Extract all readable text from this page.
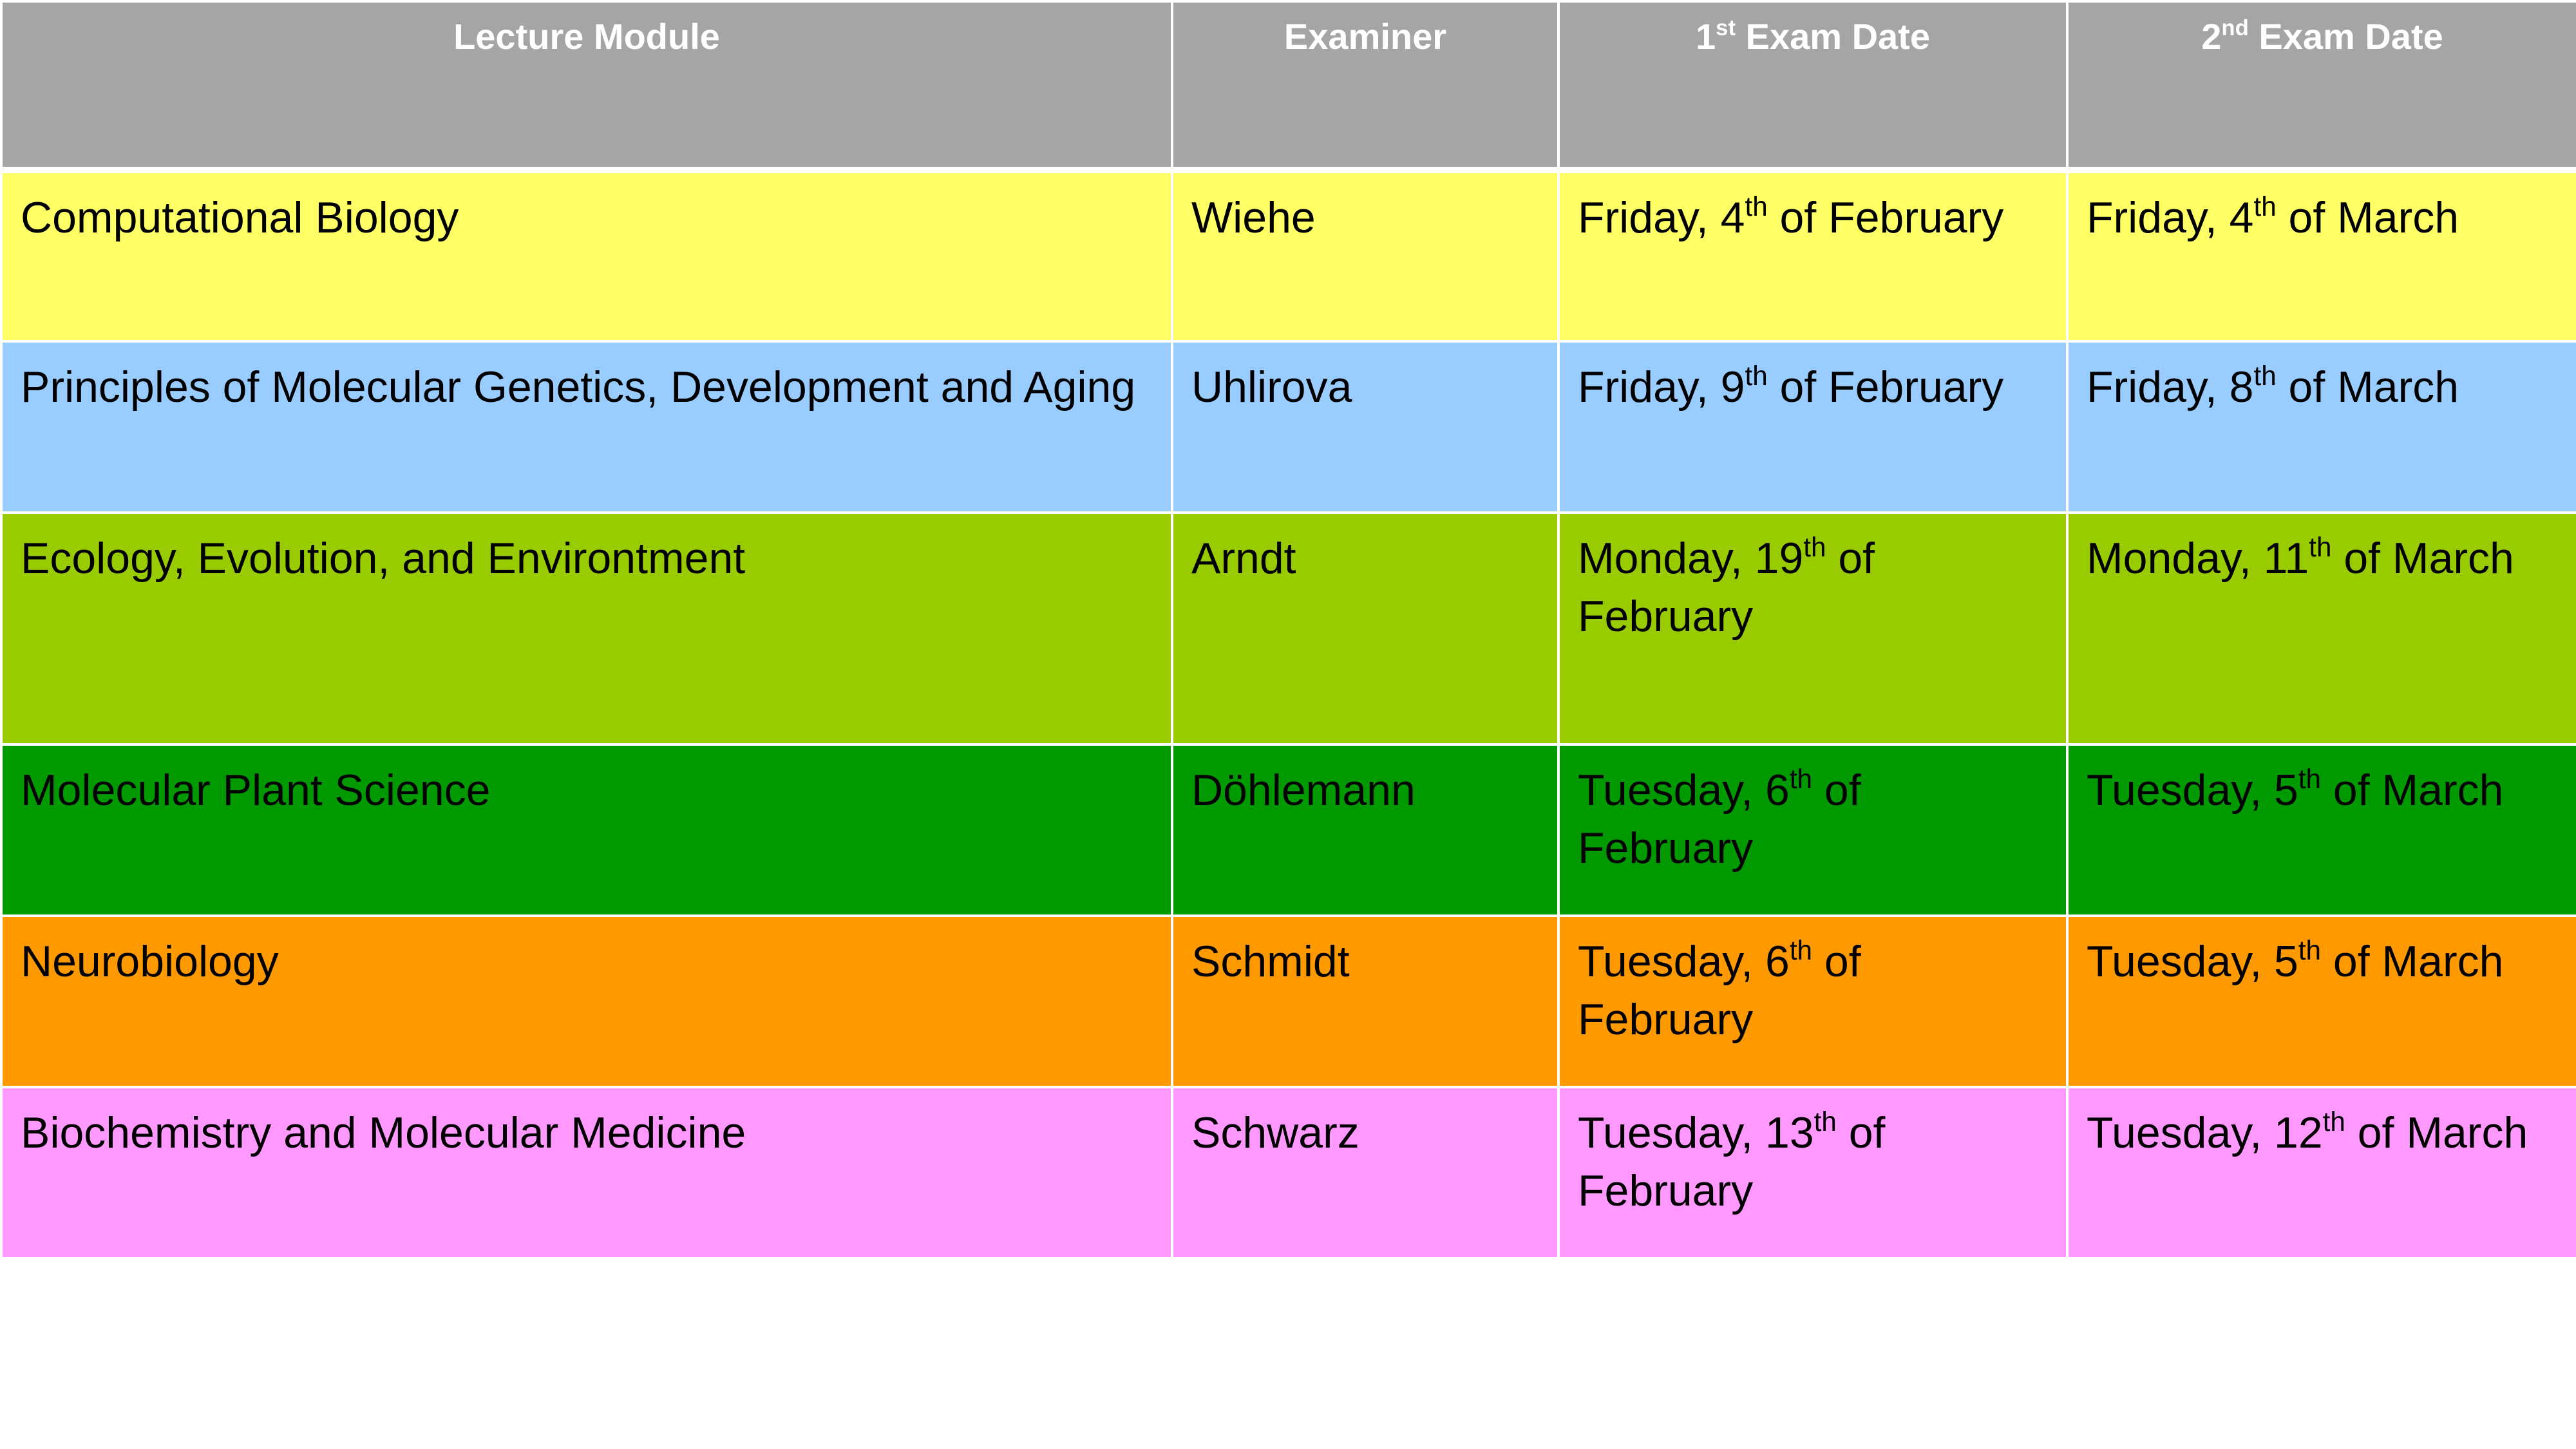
Lecture Module	Examiner	1st Exam Date	2nd Exam Date
Computational Biology	Wiehe	Friday, 4th of February	Friday, 4th of March
Principles of Molecular Genetics, Development and Aging	Uhlirova	Friday, 9th of February	Friday, 8th of March
Ecology, Evolution, and Environtment	Arndt	Monday, 19th of February	Monday, 11th of March
Molecular Plant Science	Döhlemann	Tuesday, 6th of February	Tuesday, 5th of March
Neurobiology	Schmidt	Tuesday, 6th of February	Tuesday, 5th of March
Biochemistry and Molecular Medicine	Schwarz	Tuesday, 13th of February	Tuesday, 12th of March
